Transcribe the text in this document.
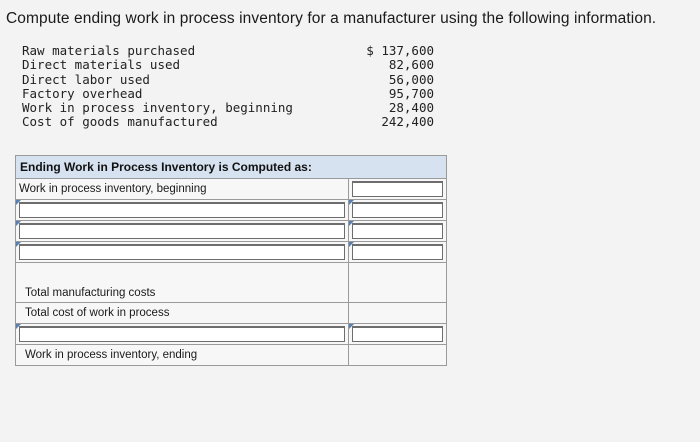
Compute ending work in process inventory for a manufacturer using the following information.
Raw materials purchased	$ 137,600
Direct materials used	82,600
Direct labor used	56,000
Factory overhead	95,700
Work in process inventory, beginning	28,400
Cost of goods manufactured	242,400
Ending Work in Process Inventory is Computed as:
Work in process inventory, beginning
Total manufacturing costs
Total cost of work in process
Work in process inventory, ending
